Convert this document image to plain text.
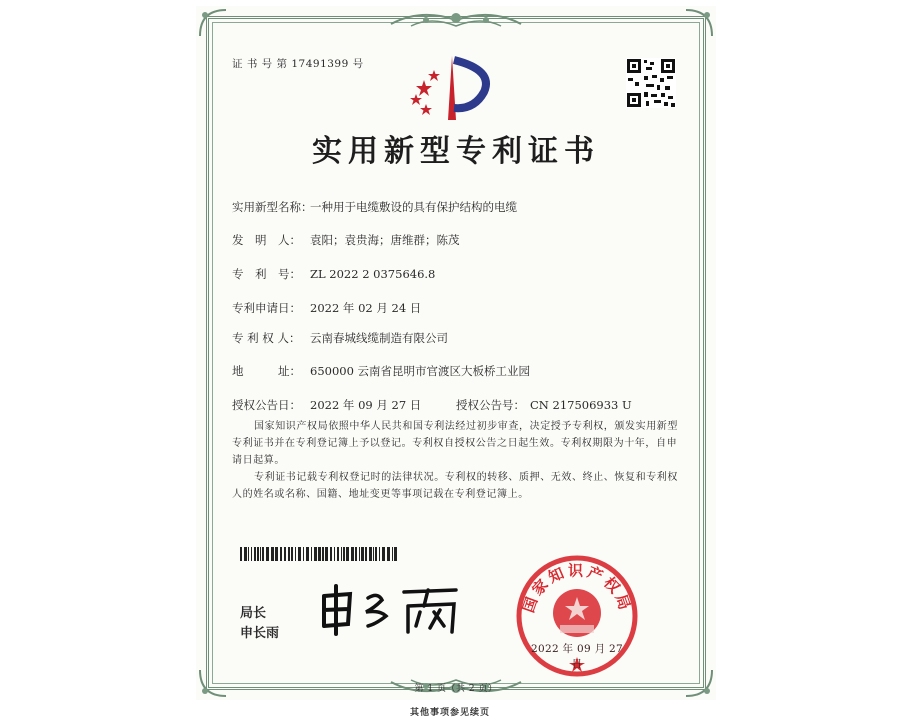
证 书 号 第 17491399 号
实用新型专利证书
实用新型名称：一种用于电缆敷设的具有保护结构的电缆
发　明　人： 袁阳；袁贵海；唐维群；陈茂
专　利　号： ZL 2022 2 0375646.8
专利申请日： 2022 年 02 月 24 日
专 利 权 人： 云南春城线缆制造有限公司
地　　　址： 650000 云南省昆明市官渡区大板桥工业园
授权公告日： 2022 年 09 月 27 日	授权公告号： CN 217506933 U
国家知识产权局依照中华人民共和国专利法经过初步审查，决定授予专利权，颁发实用新型专利证书并在专利登记簿上予以登记。专利权自授权公告之日起生效。专利权期限为十年，自申请日起算。
专利证书记载专利权登记时的法律状况。专利权的转移、质押、无效、终止、恢复和专利权人的姓名或名称、国籍、地址变更等事项记载在专利登记簿上。
局长
申长雨
国家知识产权局
2022 年 09 月 27 日
第 1 页（共 2 页）
其他事项参见续页
